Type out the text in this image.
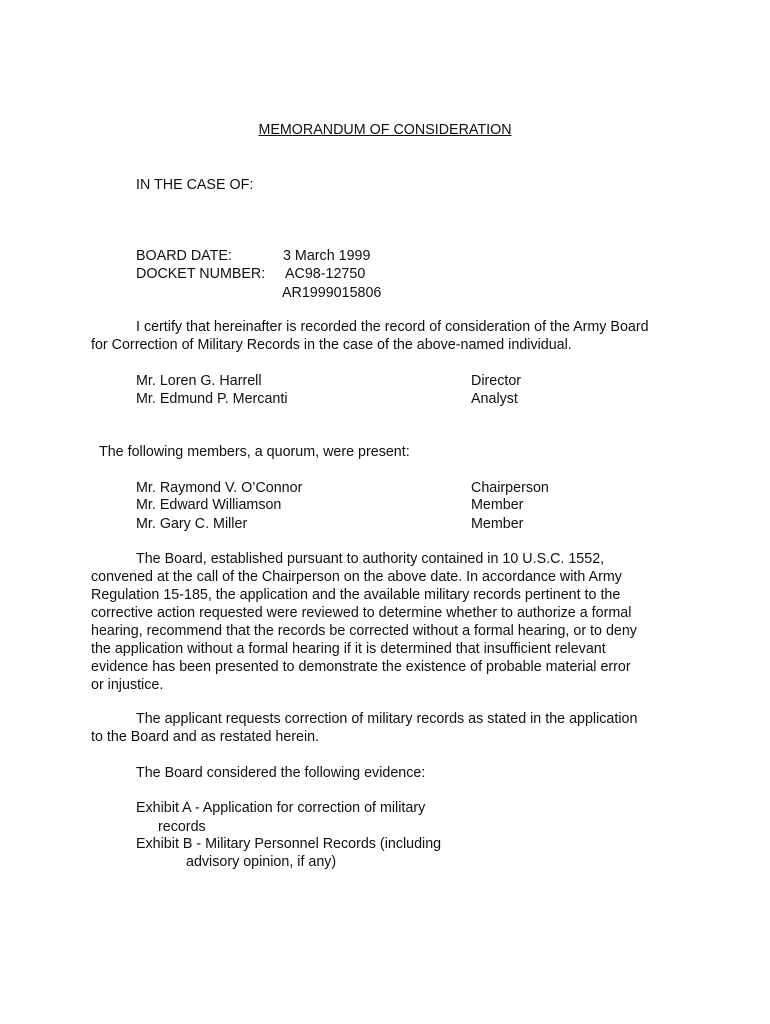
MEMORANDUM OF CONSIDERATION
IN THE CASE OF:
BOARD DATE:	3 March 1999
DOCKET NUMBER: AC98-12750
AR1999015806
I certify that hereinafter is recorded the record of consideration of the Army Board
for Correction of Military Records in the case of the above-named individual.
Mr. Loren G. Harrell	Director
Mr. Edmund P. Mercanti	Analyst
The following members, a quorum, were present:
Mr. Raymond V. O’Connor	Chairperson
Mr. Edward Williamson	Member
Mr. Gary C. Miller	Member
The Board, established pursuant to authority contained in 10 U.S.C. 1552,
convened at the call of the Chairperson on the above date. In accordance with Army
Regulation 15-185, the application and the available military records pertinent to the
corrective action requested were reviewed to determine whether to authorize a formal
hearing, recommend that the records be corrected without a formal hearing, or to deny
the application without a formal hearing if it is determined that insufficient relevant
evidence has been presented to demonstrate the existence of probable material error
or injustice.
The applicant requests correction of military records as stated in the application
to the Board and as restated herein.
The Board considered the following evidence:
Exhibit A - Application for correction of military
records
Exhibit B - Military Personnel Records (including
advisory opinion, if any)
